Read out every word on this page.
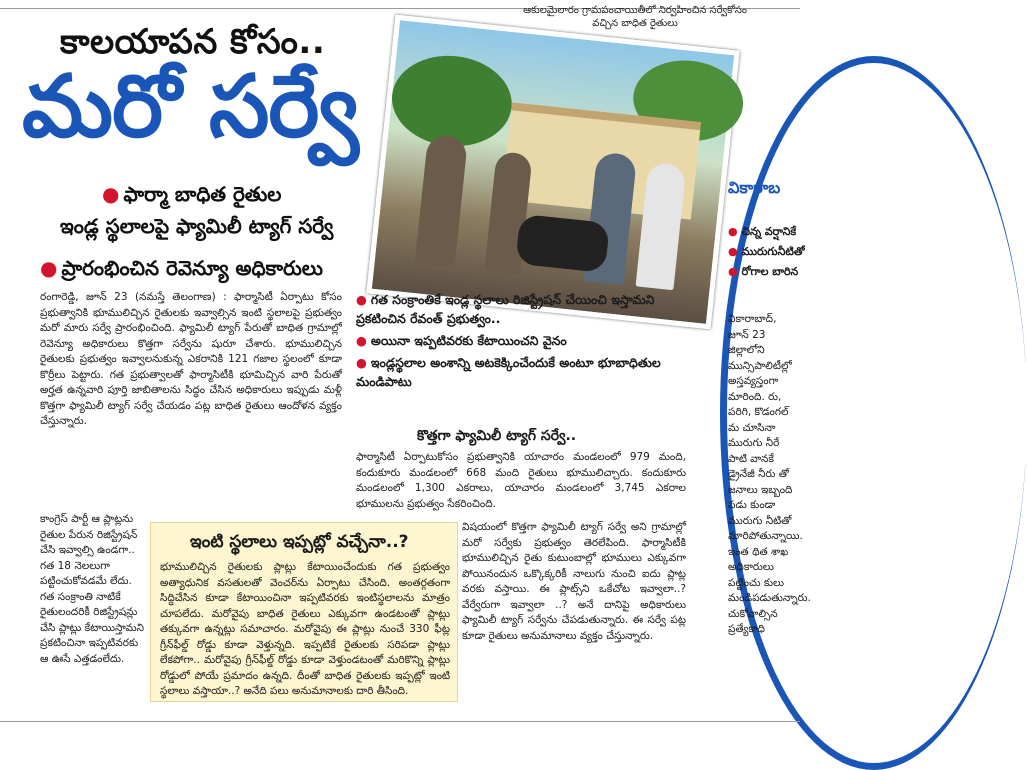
కాలయాపన కోసం..
మరో సర్వే
● ఫార్మా బాధిత రైతుల
ఇండ్ల స్థలాలపై ఫ్యామిలీ ట్యాగ్ సర్వే
● ప్రారంభించిన రెవెన్యూ అధికారులు
ఆకులమైలారం గ్రామపంచాయితీలో నిర్వహించిన సర్వేకోసం వచ్చిన బాధిత రైతులు
వికారాబ
● చిన్న వర్షానికే
● మురుగునీటితో
● రోగాల బారిన
వికారాబాద్, జూన్ 23 జిల్లాలోని మున్సిపాలిటీల్లో అస్తవ్యస్తంగా మారింది. రు, పరిగి, కొడంగల్ మ చూసినా మురుగు నీరే పాటి వానకే డ్రైనేజీ నీరు తో జనాలు ఇబ్బంది పడు కుండా మురుగు నీటితో మారిపోతున్నాయి. ఇంత థిత శాఖ అధికారులు పట్టించు కులు మండిపడుతున్నారు. చుకోవాల్సిన ప్రత్యేకాధి
రంగారెడ్డి, జూన్ 23 (నమస్తే తెలంగాణ) : ఫార్మాసిటీ ఏర్పాటు కోసం ప్రభుత్వానికి భూములిచ్చిన రైతులకు ఇవ్వాల్సిన ఇంటి స్థలాలపై ప్రభుత్వం మరో మారు సర్వే ప్రారంభించింది. ఫ్యామిలీ ట్యాగ్ పేరుతో బాధిత గ్రామాల్లో రెవెన్యూ అధికారులు కొత్తగా సర్వేను షురూ చేశారు. భూములిచ్చిన రైతులకు ప్రభుత్వం ఇవ్వాలనుకున్న ఎకరానికి 121 గజాల స్థలంలో కూడా కొర్రీలు పెట్టారు. గత ప్రభుత్వాలతో ఫార్మాసిటీకి భూమిచ్చిన వారి పేరుతో అర్హత ఉన్నవారి పూర్తి జాబితాలను సిద్ధం చేసిన అధికారులు ఇప్పుడు మళ్లీ కొత్తగా ఫ్యామిలీ ట్యాగ్ సర్వే చేయడం పట్ల బాధిత రైతులు ఆందోళన వ్యక్తం చేస్తున్నారు.
కాంగ్రెస్ పార్టీ ఆ ప్లాట్లను రైతుల పేరున రిజిస్ట్రేషన్ చేసి ఇవ్వాల్సి ఉండగా.. గత 18 నెలలుగా పట్టించుకోవడమే లేదు. గత సంక్రాంతి నాటికే రైతులందరికీ రిజిస్ట్రేషన్లు చేసి ప్లాట్లు కేటాయిస్తామని ప్రకటించినా ఇప్పటివరకు ఆ ఊసే ఎత్తడంలేదు.
● గత సంక్రాంతికే ఇండ్ల స్థలాలు రిజిస్ట్రేషన్ చేయించి ఇస్తామని ప్రకటించిన రేవంత్ ప్రభుత్వం..
● అయినా ఇప్పటివరకు కేటాయించని వైనం
● ఇండ్లస్థలాల అంశాన్ని అటకెక్కించేందుకే అంటూ భూబాధితుల మండిపాటు
కొత్తగా ఫ్యామిలీ ట్యాగ్ సర్వే..
ఫార్మాసిటీ ఏర్పాటుకోసం ప్రభుత్వానికి యాచారం మండలంలో 979 మంది, కందుకూరు మండలంలో 668 మంది రైతులు భూములిచ్చారు. కందుకూరు మండలంలో 1,300 ఎకరాలు, యాచారం మండలంలో 3,745 ఎకరాల భూములను ప్రభుత్వం సేకరించింది.
విషయంలో కొత్తగా ఫ్యామిలీ ట్యాగ్ సర్వే అని గ్రామాల్లో మరో సర్వేకు ప్రభుత్వం తెరలేపింది. ఫార్మాసిటీకి భూములిచ్చిన రైతు కుటుంబాల్లో భూములు ఎక్కువగా పోయినందున ఒక్కొక్కరికీ నాలుగు నుంచి ఐదు ప్లాట్ల వరకు వస్తాయి. ఈ ప్లాట్స్‌ని ఒకేచోట ఇవ్వాలా..? వేర్వేరుగా ఇవ్వాలా ..? అనే దానిపై అధికారులు ఫ్యామిలీ ట్యాగ్ సర్వేను చేపడుతున్నారు. ఈ సర్వే పట్ల కూడా రైతులు అనుమానాలు వ్యక్తం చేస్తున్నారు.
ఇంటి స్థలాలు ఇప్పట్లో వచ్చేనా..?
భూములిచ్చిన రైతులకు ప్లాట్లు కేటాయించేందుకు గత ప్రభుత్వం అత్యాధునిక వసతులతో వెంచర్‌ను ఏర్పాటు చేసింది. అంతర్గతంగా సిద్ధిచేసిన కూడా కేటాయించినా ఇప్పటివరకు ఇంటిస్థలాలను మాత్రం చూపలేదు. మరోవైపు బాధిత రైతులు ఎక్కువగా ఉండటంతో ప్లాట్లు తక్కువగా ఉన్నట్లు సమాచారం. మరోవైపు ఈ ప్లాట్లు నుంచే 330 ఫీట్ల గ్రీన్‌ఫీల్డ్ రోడ్డు కూడా వెళ్తున్నది. ఇప్పటికే రైతులకు సరిపడా ప్లాట్లు లేకపోగా.. మరోవైపు గ్రీన్‌ఫీల్డ్ రోడ్డు కూడా వెళ్తుండటంతో మరికొన్ని ప్లాట్లు రోడ్డులో పోయే ప్రమాదం ఉన్నది. దీంతో బాధిత రైతులకు ఇప్పట్లో ఇంటి స్థలాలు వస్తాయా..? అనేది పలు అనుమానాలకు దారి తీసింది.
